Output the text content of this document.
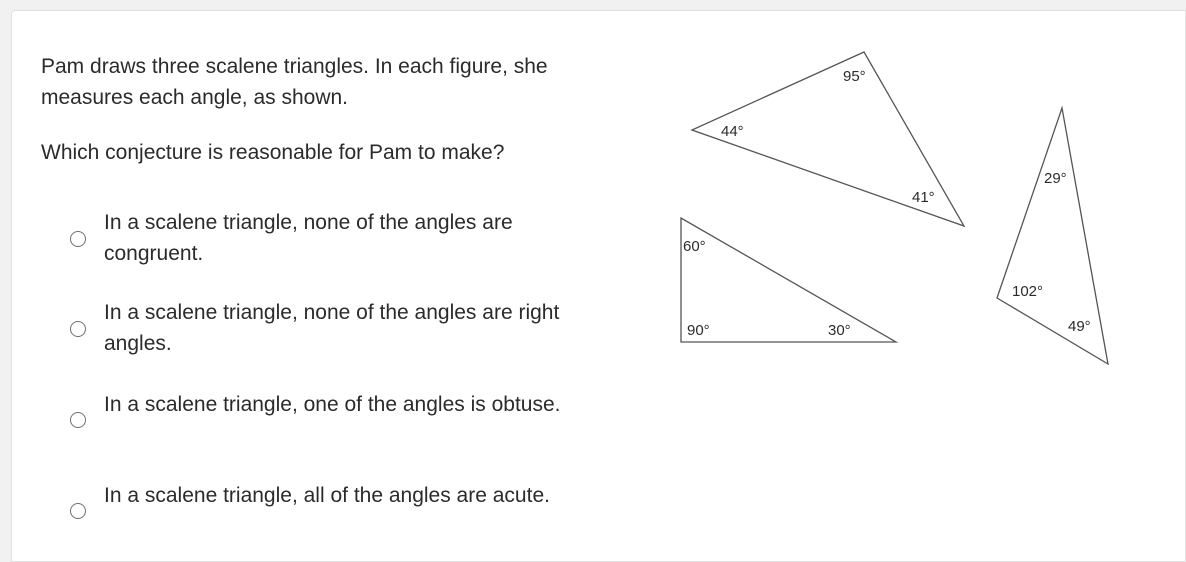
Pam draws three scalene triangles. In each figure, she measures each angle, as shown.

Which conjecture is reasonable for Pam to make?

In a scalene triangle, none of the angles are congruent.
In a scalene triangle, none of the angles are right angles.
In a scalene triangle, one of the angles is obtuse.
In a scalene triangle, all of the angles are acute.
44°
95°
41°
60°
90°	30°
29°
102°
49°
